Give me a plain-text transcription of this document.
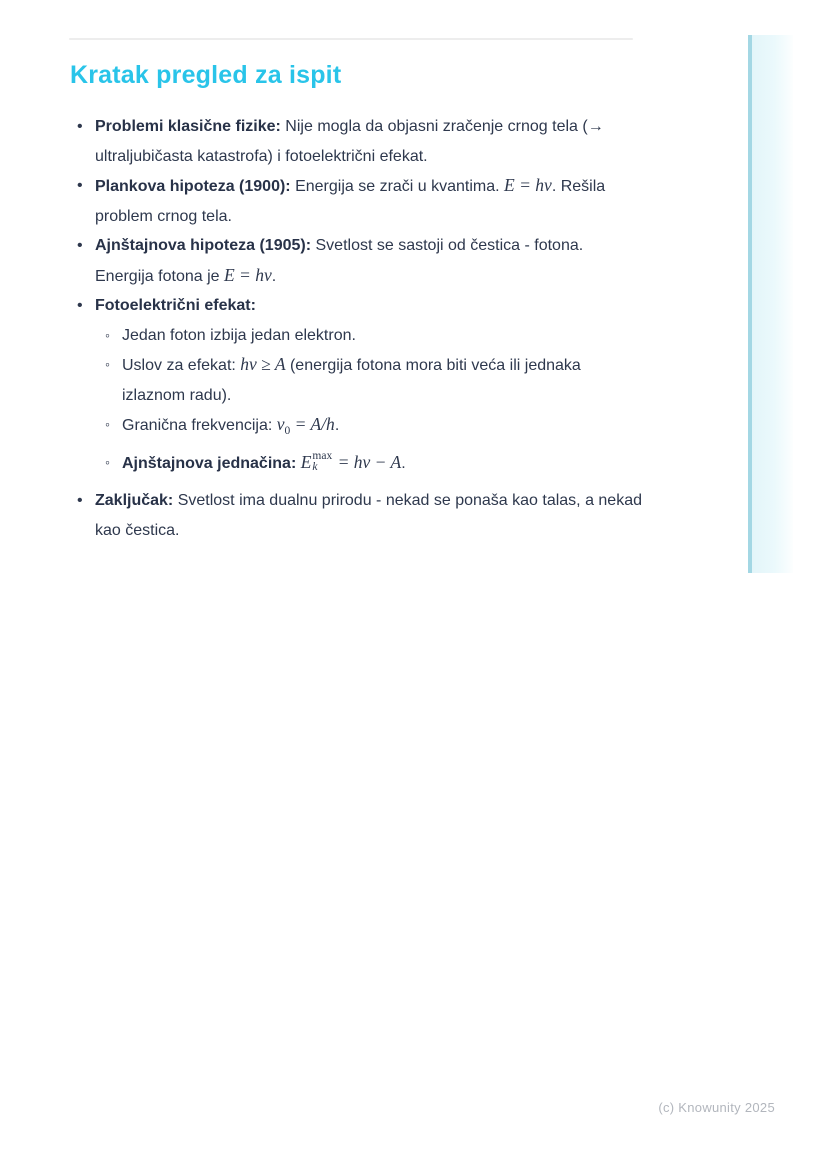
Kratak pregled za ispit
• Problemi klasične fizike: Nije mogla da objasni zračenje crnog tela (→ ultraljubičasta katastrofa) i fotoelektrični efekat.
• Plankova hipoteza (1900): Energija se zrači u kvantima. E = hv. Rešila problem crnog tela.
• Ajnštajnova hipoteza (1905): Svetlost se sastoji od čestica - fotona. Energija fotona je E = hv.
• Fotoelektrični efekat:
◦ Jedan foton izbija jedan elektron.
◦ Uslov za efekat: hv ≥ A (energija fotona mora biti veća ili jednaka izlaznom radu).
◦ Granična frekvencija: $v_0 = A/h$.
◦ Ajnštajnova jednačina: E max
k = hv − A.
• Zaključak: Svetlost ima dualnu prirodu - nekad se ponaša kao talas, a nekad kao čestica.
(c) Knowunity 2025
